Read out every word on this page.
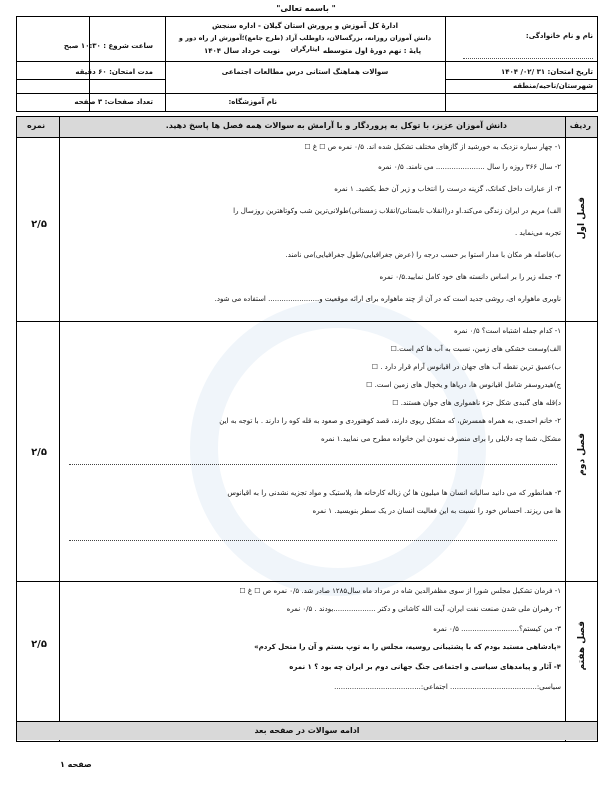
" باسمه تعالی"
نام و نام خانوادگی:
ادارهٔ کل آموزش و پرورش استان گیلان - اداره سنجش
دانش آموزان روزانه، بزرگسالان، داوطلب آزاد (طرح جامع)؛آموزش از راه دور و ایثارگران پایهٔ : نهم دورهٔ اول متوسطه
نوبت خرداد سال ۱۴۰۴
ساعت شروع : ۱۰:۳۰ صبح
تاریخ امتحان: ۳۱ /۰۲/ ۱۴۰۴
سوالات هماهنگ استانی درس مطالعات اجتماعی
مدت امتحان: ۶۰ دقیقه
شهرستان/ناحیه/منطقه
نام آموزشگاه:
تعداد صفحات: ۳ صفحه
ردیف
دانش آموزان عزیز، با توکل به پروردگار و با آرامش به سوالات همه فصل ها پاسخ دهید.
نمره
فصل اول
۲/۵
۱- چهار سیاره نزدیک به خورشید از گازهای مختلف تشکیل شده اند. ۰/۵ نمره ص ☐ غ ☐
۲- سال ۳۶۶ روزه را سال ...................... می نامند. ۰/۵ نمره
۳- از عبارات داخل کمانک، گزینه درست را انتخاب و زیر آن خط بکشید. ۱ نمره
الف) مریم در ایران زندگی می‌کند.او در(انقلاب تابستانی/انقلاب زمستانی)طولانی‌ترین شب وکوتاهترین روزسال را
تجربه می‌نماید .
ب)فاصله هر مکان با مدار استوا بر حسب درجه را (عرض جغرافیایی/طول جغرافیایی)می نامند.
۴- جمله زیر را بر اساس دانسته های خود کامل نمایید.۰/۵ نمره
ناوبری ماهواره ای، روشی جدید است که در آن از چند ماهواره برای ارائه موقعیت و....................... استفاده می شود.
فصل دوم
۲/۵
۱- کدام جمله اشتباه است؟ ۰/۵ نمره
الف)وسعت خشکی های زمین، نسبت به آب ها کم است.☐
ب)عمیق ترین نقطه آب های جهان در اقیانوس آرام قرار دارد . ☐
ج)هیدروسفر شامل اقیانوس ها، دریاها و یخچال های زمین است. ☐
د)قله های گنبدی شکل جزء ناهمواری های جوان هستند. ☐
۲- خانم احمدی، به همراه همسرش، که مشکل ریوی دارند، قصد کوهنوردی و صعود به قله کوه را دارند . با توجه به این
مشکل، شما چه دلایلی را برای منصرف نمودن این خانواده مطرح می نمایید.۱ نمره
۳- همانطور که می دانید سالیانه انسان ها میلیون ها تُن زباله کارخانه ها، پلاستیک و مواد تجزیه نشدنی را به اقیانوس
ها می ریزند. احساس خود را نسبت به این فعالیت انسان در یک سطر بنویسید. ۱ نمره
فصل هفتم
۲/۵
۱- فرمان تشکیل مجلس شورا از سوی مظفرالدین شاه در مرداد ماه سال۱۲۸۵ صادر شد. ۰/۵ نمره ص ☐ غ ☐
۲- رهبران ملی شدن صنعت نفت ایران، آیت الله کاشانی و دکتر ...................بودند . ۰/۵ نمره
۳- من کیستم؟.......................... ۰/۵ نمره
«پادشاهی مستبد بودم که با پشتیبانی روسیه، مجلس را به توپ بستم و آن را منحل کردم»
۴- آثار و پیامدهای سیاسی و اجتماعی جنگ جهانی دوم بر ایران چه بود ؟ ۱ نمره
سیاسی:....................................... اجتماعی:.......................................
ادامه سوالات در صفحه بعد
صفحه ۱
